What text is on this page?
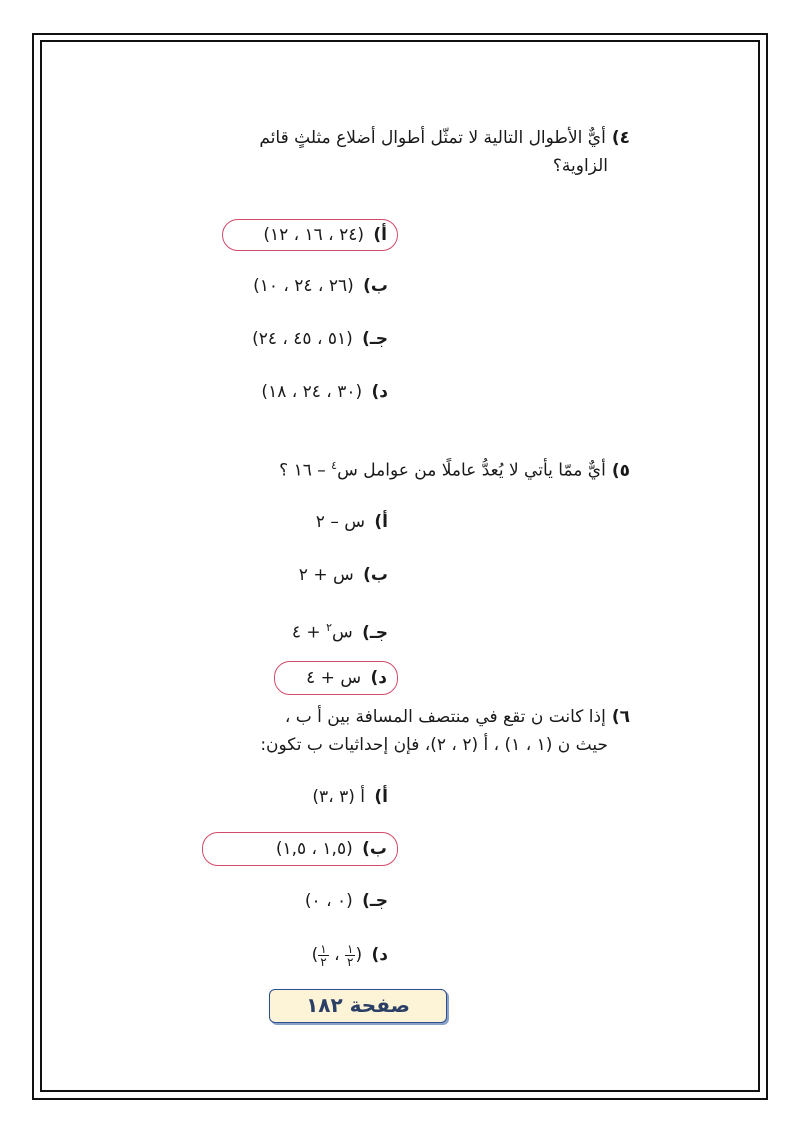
٤)أيٌّ الأطوال التالية لا تمثّل أطوال أضلاع مثلثٍ قائم
الزاوية؟
أ) (٢٤ ، ١٦ ، ١٢)
ب) (٢٦ ، ٢٤ ، ١٠)
جـ) (٥١ ، ٤٥ ، ٢٤)
د) (٣٠ ، ٢٤ ، ١٨)
٥)أيٌّ ممّا يأتي لا يُعدُّ عاملًا من عوامل س$^٤$ – ١٦ ؟
أ) س – ٢
ب) س + ٢
جـ) س$^٢$ + ٤
د) س + ٤
٦)إذا كانت ن تقع في منتصف المسافة بين أ ب ،
حيث ن (١ ، ١) ، أ (٢ ، ٢)، فإن إحداثيات ب تكون:
أ) أ (٣ ،٣)
ب) (١,٥ ، ١,٥)
جـ) (٠ ، ٠)
د) (
$\frac{١}{٢}$
،
$\frac{١}{٢}$
)
صفحة ١٨٢
